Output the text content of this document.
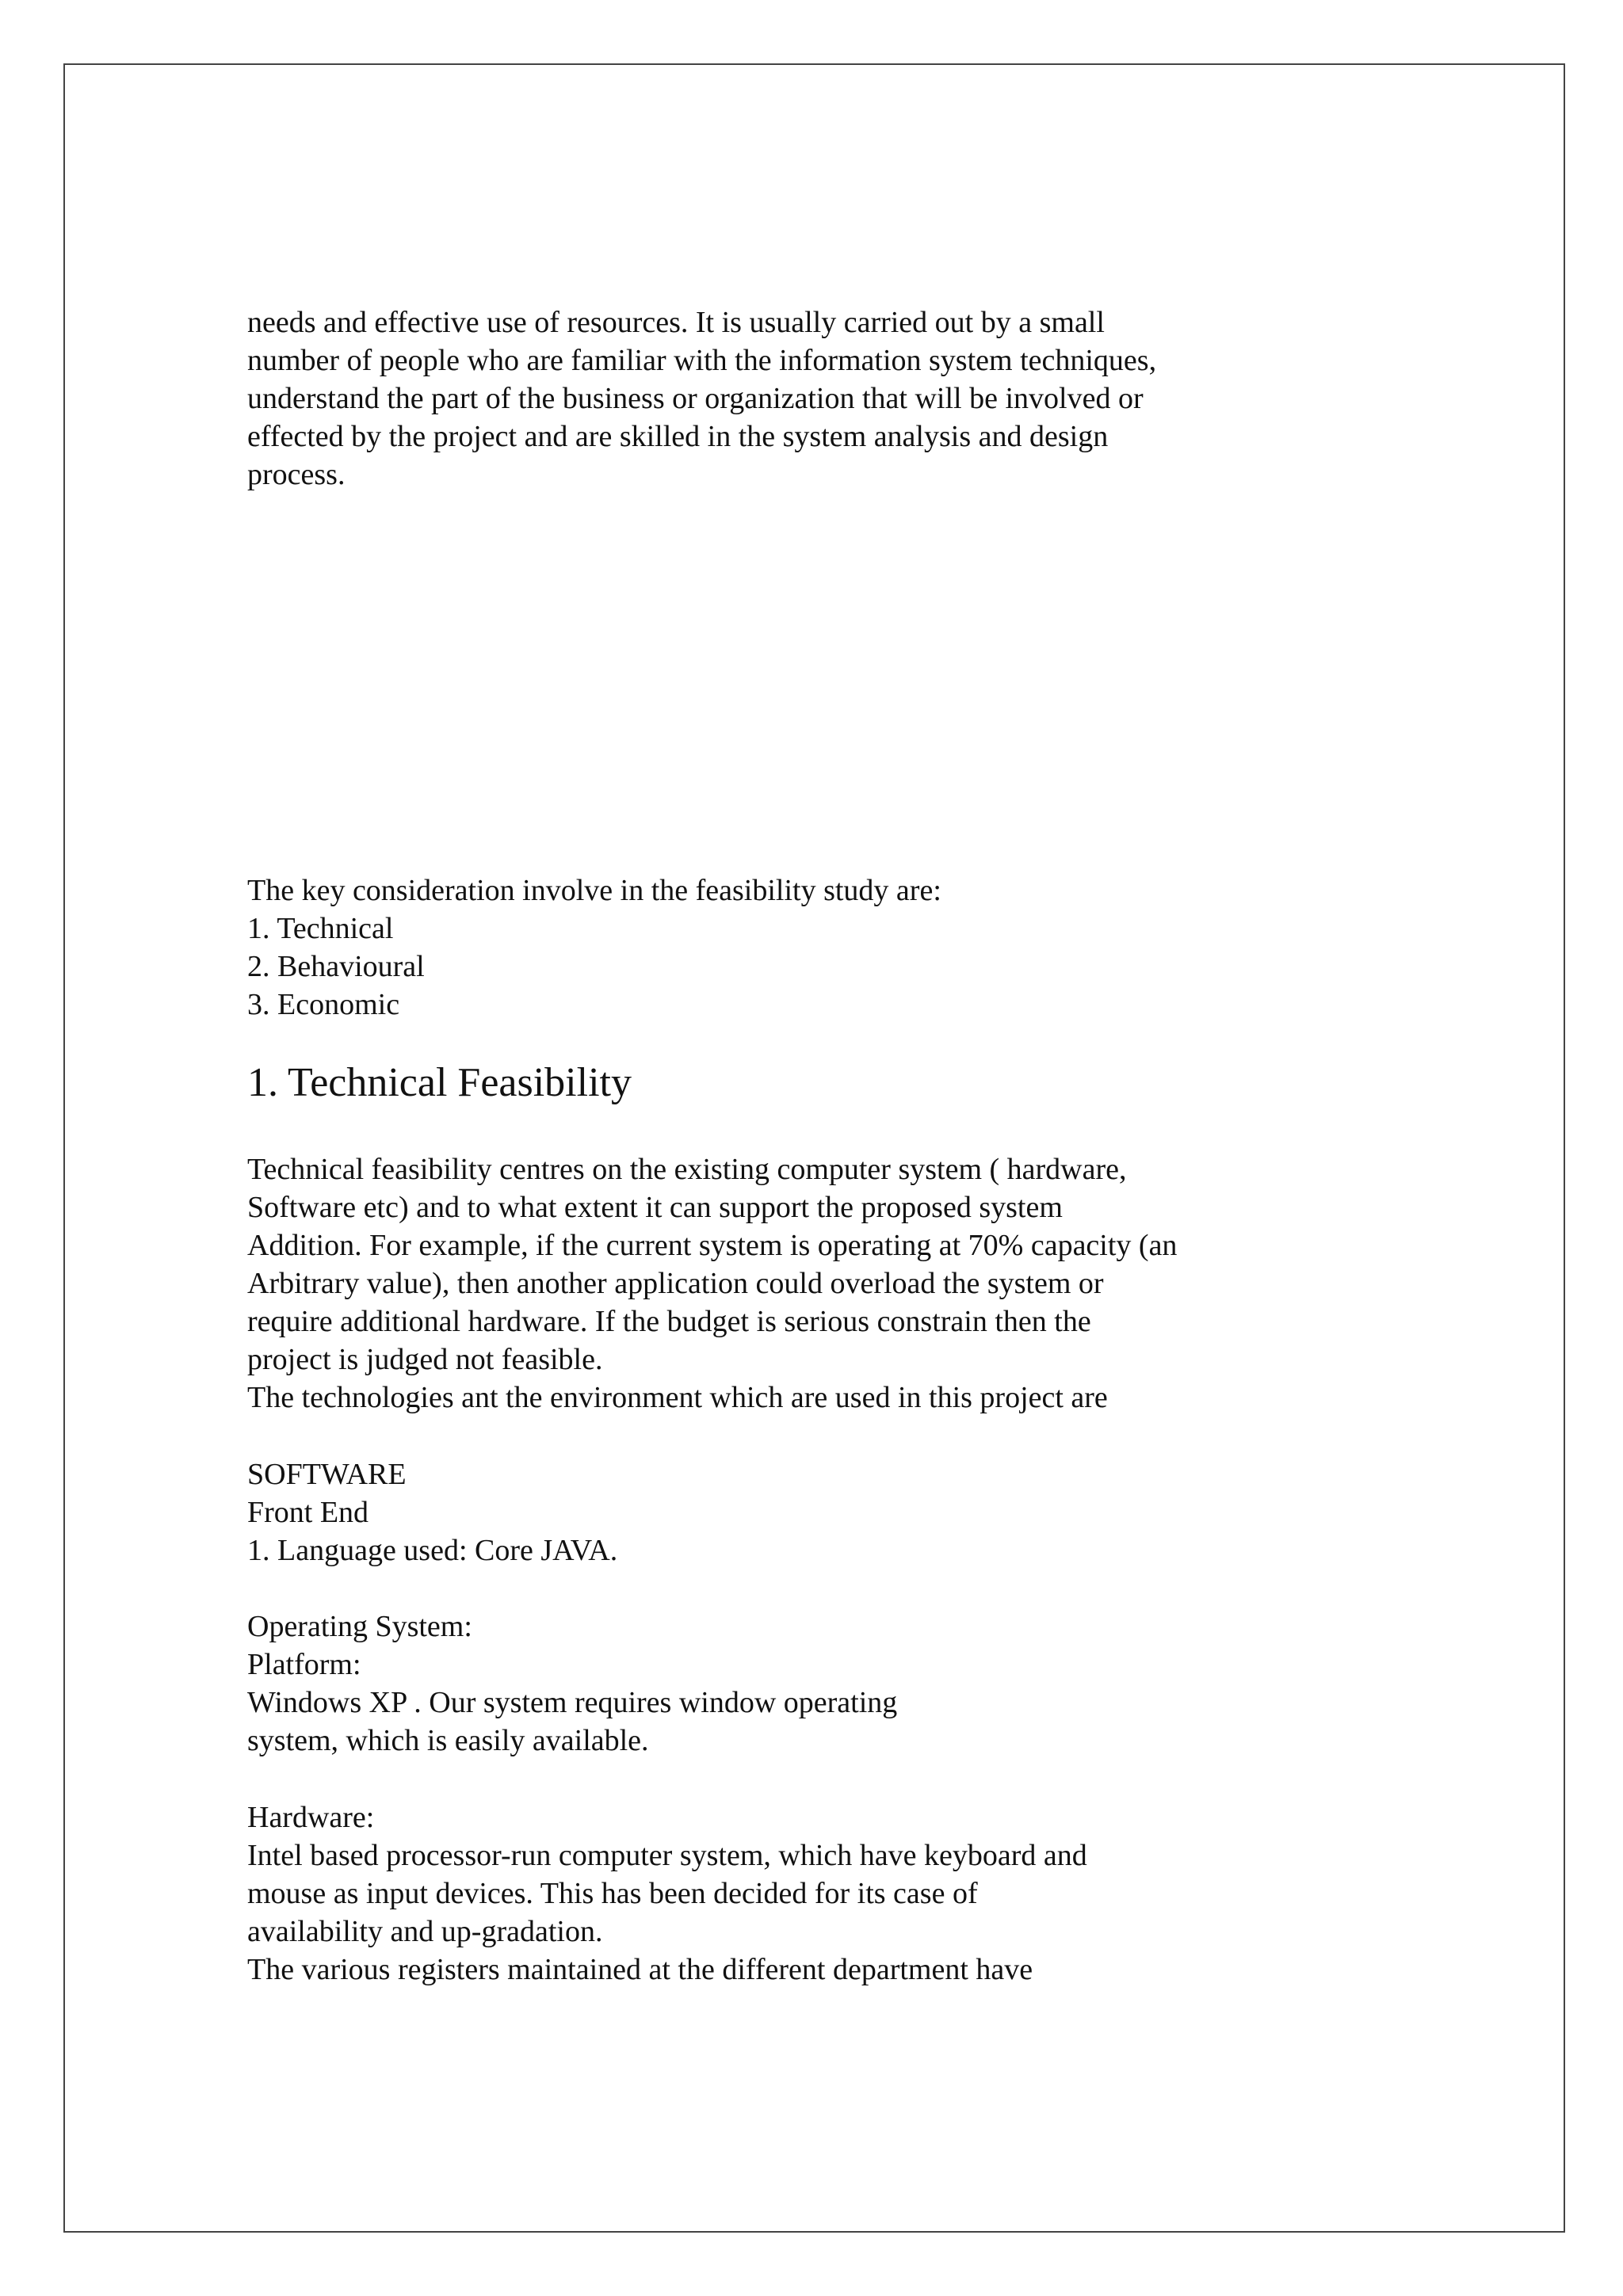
needs and effective use of resources. It is usually carried out by a small
number of people who are familiar with the information system techniques,
understand the part of the business or organization that will be involved or
effected by the project and are skilled in the system analysis and design
process.
The key consideration involve in the feasibility study are:
1. Technical
2. Behavioural
3. Economic
1. Technical Feasibility
Technical feasibility centres on the existing computer system ( hardware,
Software etc) and to what extent it can support the proposed system
Addition. For example, if the current system is operating at 70% capacity (an
Arbitrary value), then another application could overload the system or
require additional hardware. If the budget is serious constrain then the
project is judged not feasible.
The technologies ant the environment which are used in this project are
SOFTWARE
Front End
1. Language used: Core JAVA.
Operating System:
Platform:
Windows XP . Our system requires window operating
system, which is easily available.
Hardware:
Intel based processor-run computer system, which have keyboard and
mouse as input devices. This has been decided for its case of
availability and up-gradation.
The various registers maintained at the different department have
